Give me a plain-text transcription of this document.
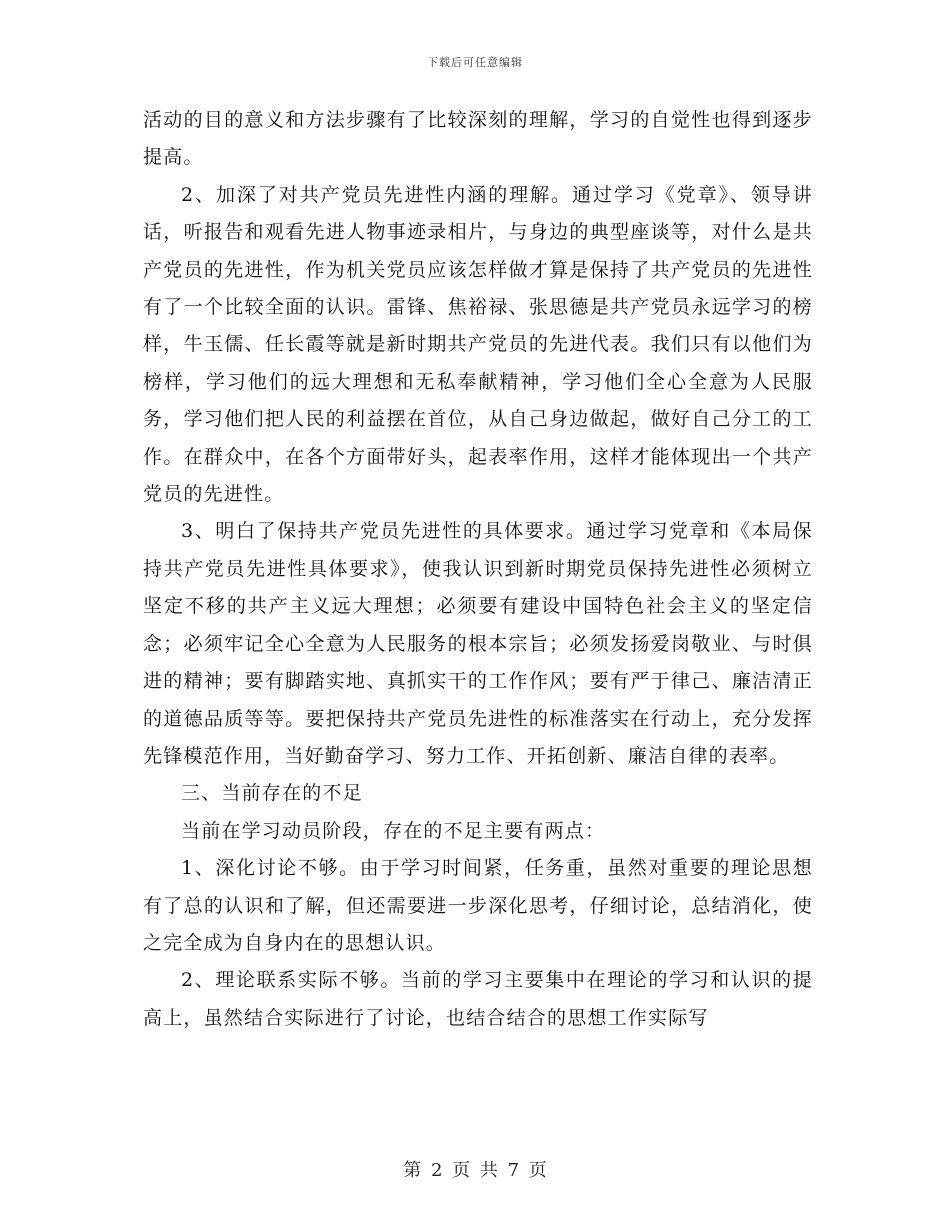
下载后可任意编辑

活动的目的意义和方法步骤有了比较深刻的理解，学习的自觉性也得到逐步提高。

2、加深了对共产党员先进性内涵的理解。通过学习《党章》、领导讲话，听报告和观看先进人物事迹录相片，与身边的典型座谈等，对什么是共产党员的先进性，作为机关党员应该怎样做才算是保持了共产党员的先进性有了一个比较全面的认识。雷锋、焦裕禄、张思德是共产党员永远学习的榜样，牛玉儒、任长霞等就是新时期共产党员的先进代表。我们只有以他们为榜样，学习他们的远大理想和无私奉献精神，学习他们全心全意为人民服务，学习他们把人民的利益摆在首位，从自己身边做起，做好自己分工的工作。在群众中，在各个方面带好头，起表率作用，这样才能体现出一个共产党员的先进性。

3、明白了保持共产党员先进性的具体要求。通过学习党章和《本局保持共产党员先进性具体要求》，使我认识到新时期党员保持先进性必须树立坚定不移的共产主义远大理想；必须要有建设中国特色社会主义的坚定信念；必须牢记全心全意为人民服务的根本宗旨；必须发扬爱岗敬业、与时俱进的精神；要有脚踏实地、真抓实干的工作作风；要有严于律己、廉洁清正的道德品质等等。要把保持共产党员先进性的标准落实在行动上，充分发挥先锋模范作用，当好勤奋学习、努力工作、开拓创新、廉洁自律的表率。

三、当前存在的不足

当前在学习动员阶段，存在的不足主要有两点：

1、深化讨论不够。由于学习时间紧，任务重，虽然对重要的理论思想有了总的认识和了解，但还需要进一步深化思考，仔细讨论，总结消化，使之完全成为自身内在的思想认识。

2、理论联系实际不够。当前的学习主要集中在理论的学习和认识的提高上，虽然结合实际进行了讨论，也结合结合的思想工作实际写

第 2 页 共 7 页
